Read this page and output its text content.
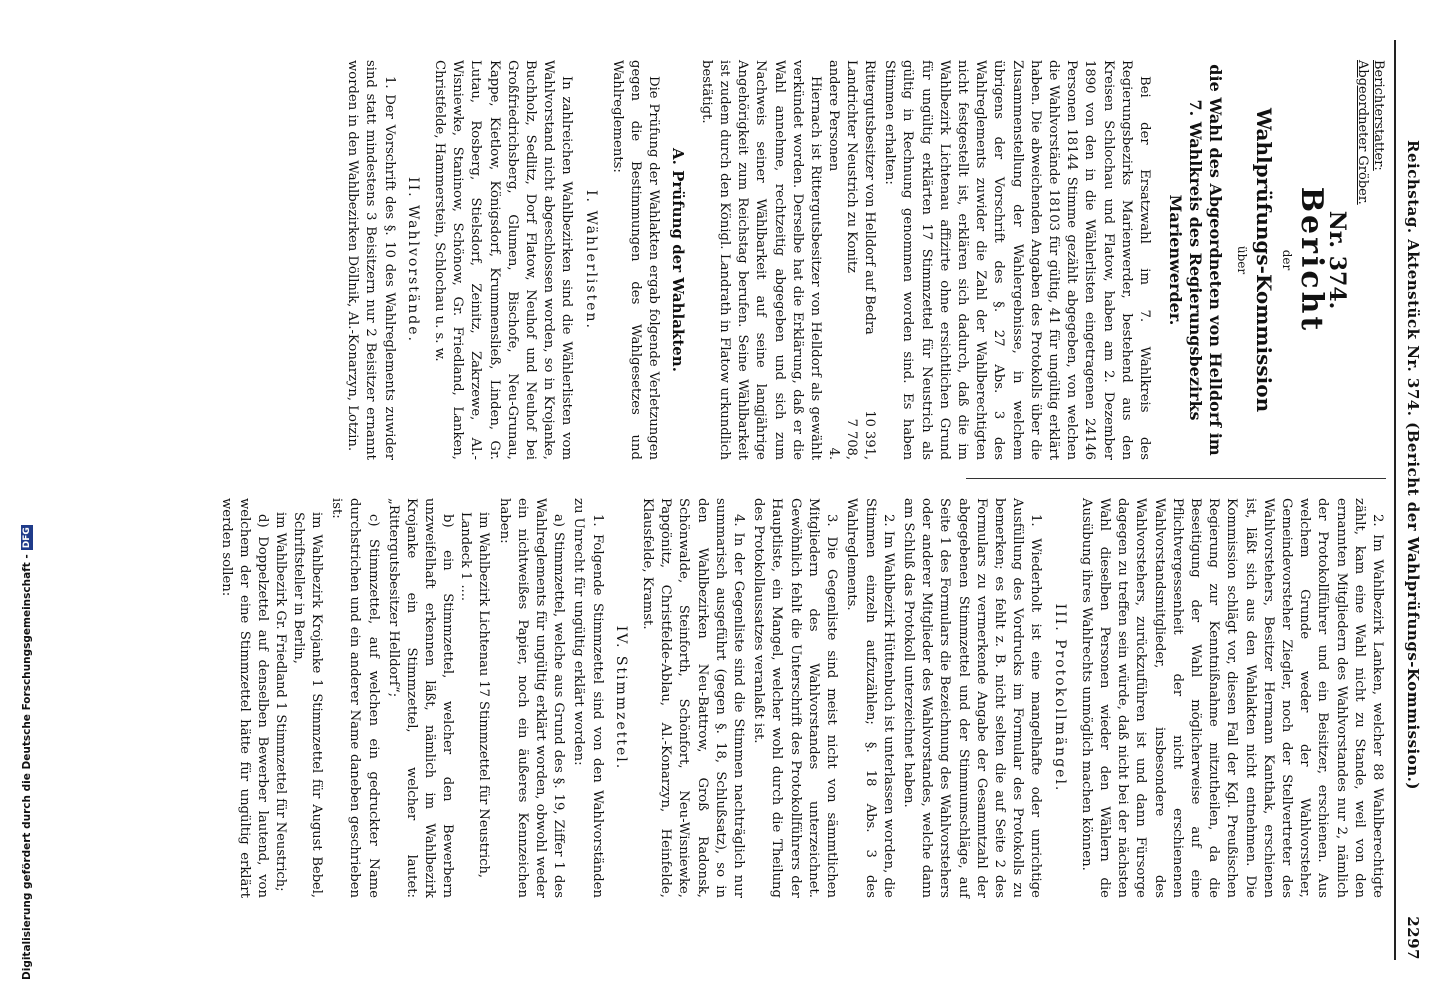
Reichstag. Aktenstück Nr. 374. (Bericht der Wahlprüfungs-Kommission.)
2297
Berichterstatter:
Abgeordneter Gröber.
Nr. 374.
Bericht
der
Wahlprüfungs-Kommission
über
die Wahl des Abgeordneten von Helldorf im 7. Wahlkreis des Regierungsbezirks Marienwerder.

Bei der Ersatzwahl im 7. Wahlkreis des Regierungsbezirks Marienwerder, bestehend aus den Kreisen Schlochau und Flatow, haben am 2. Dezember 1890 von den in die Wählerlisten eingetragenen 24146 Personen 18144 Stimme gezählt abgegeben, von welchen die Wahlvorstände 18103 für gültig, 41 für ungültig erklärt haben. Die abweichenden Angaben des Protokolls über die Zusammenstellung der Wahlergebnisse, in welchem übrigens der Vorschrift des §. 27 Abs. 3 des Wahlreglements zuwider die Zahl der Wahlberechtigten nicht festgestellt ist, erklären sich dadurch, daß die im Wahlbezirk Lichtenau affizirte ohne ersichtlichen Grund für ungültig erklärten 17 Stimmzettel für Neustrich als gültig in Rechnung genommen worden sind. Es haben Stimmen erhalten:

Rittergutsbesitzer von Helldorf auf Bedra
10 391,
Landrichter Neustrich zu Konitz
7 708,
andere Personen
4.

Hiernach ist Rittergutsbesitzer von Helldorf als gewählt verkündet worden. Derselbe hat die Erklärung, daß er die Wahl annehme, rechtzeitig abgegeben und sich zum Nachweis seiner Wählbarkeit auf seine langjährige Angehörigkeit zum Reichstag berufen. Seine Wählbarkeit ist zudem durch den Königl. Landrath in Flatow urkundlich bestätigt.

A. Prüfung der Wahlakten.

Die Prüfung der Wahlakten ergab folgende Verletzungen gegen die Bestimmungen des Wahlgesetzes und Wahlreglements:

I. Wählerlisten.

In zahlreichen Wahlbezirken sind die Wählerlisten vom Wahlvorstand nicht abgeschlossen worden, so in Krojanke, Buchholz, Sedlitz, Dorf Flatow, Neuhof und Neuhof bei Großfriedrichsberg, Glumen, Bischofe, Neu-Grunau, Kappe, Kietlow, Königsdorf, Krummensließ, Linden, Gr. Lutau, Rosberg, Stielsdorf, Zeinitz, Zakrzewe, Al.-Wisniewke, Staninow, Schönow, Gr. Friedland, Lanken, Christfelde, Hammerstein, Schlochau u. s. w.

II. Wahlvorstände.

1. Der Vorschrift des §. 10 des Wahlreglements zuwider sind statt mindestens 3 Beisitzern nur 2 Beisitzer ernannt worden in den Wahlbezirken Döllnik, Al.-Konarzyn, Lotzin.

2. Im Wahlbezirk Lanken, welcher 88 Wahlberechtigte zählt, kam eine Wahl nicht zu Stande, weil von den ernannten Mitgliedern des Wahlvorstandes nur 2, nämlich der Protokollführer und ein Beisitzer, erschienen. Aus welchem Grunde weder der Wahlvorsteher, Gemeindevorsteher Ziegler, noch der Stellvertreter des Wahlvorstehers, Besitzer Hermann Kanthak, erschienen ist, läßt sich aus den Wahlakten nicht entnehmen. Die Kommission schlägt vor, diesen Fall der Kgl. Preußischen Regierung zur Kenntnißnahme mitzutheilen, da die Beseitigung der Wahl möglicherweise auf eine Pflichtvergessenheit der nicht erschienenen Wahlvorstandsmitglieder, insbesondere des Wahlvorstehers, zurückzuführen ist und dann Fürsorge dagegen zu treffen sein würde, daß nicht bei der nächsten Wahl dieselben Personen wieder den Wählern die Ausübung ihres Wahlrechts unmöglich machen können.

III. Protokollmängel.

1. Wiederholt ist eine mangelhafte oder unrichtige Ausfüllung des Vordrucks im Formular des Protokolls zu bemerken; es fehlt z. B. nicht selten die auf Seite 2 des Formulars zu vermerkende Angabe der Gesammtzahl der abgegebenen Stimmzettel und der Stimmumschläge, auf Seite 1 des Formulars die Bezeichnung des Wahlvorstehers oder anderer Mitglieder des Wahlvorstandes, welche dann am Schluß das Protokoll unterzeichnet haben.

2. Im Wahlbezirk Hüttenbuch ist unterlassen worden, die Stimmen einzeln aufzuzählen; §. 18 Abs. 3 des Wahlreglements.

3. Die Gegenliste sind meist nicht von sämmtlichen Mitgliedern des Wahlvorstandes unterzeichnet. Gewöhnlich fehlt die Unterschrift des Protokollführers der Hauptliste, ein Mangel, welcher wohl durch die Theilung des Protokollaussatzes veranlaßt ist.

4. In der Gegenliste sind die Stimmen nachträglich nur summarisch ausgeführt (gegen §. 18, Schlußsatz), so in den Wahlbezirken Neu-Battrow, Groß Radonsk, Schönwalde, Steinforth, Schönfort, Neu-Wisniewke, Papgönitz, Christfelde-Ablau, Al.-Konarzyn, Heinfelde, Klausfelde, Kramst.

IV. Stimmzettel.

1. Folgende Stimmzettel sind von den Wahlvorständen zu Unrecht für ungültig erklärt worden:

a) Stimmzettel, welche aus Grund des §. 19, Ziffer 1 des Wahlreglements für ungültig erklärt worden, obwohl weder ein nichtweißes Papier, noch ein äußeres Kennzeichen haben:

im Wahlbezirk Lichtenau 17 Stimmzettel für Neustrich,
Landeck 1 ....

b) ein Stimmzettel, welcher den Bewerbern unzweifelhaft erkennen läßt, nämlich im Wahlbezirk Krojanke ein Stimmzettel, welcher lautet: „Rittergutsbesitzer Helldorf“;

c) Stimmzettel, auf welchen ein gedruckter Name durchstrichen und ein anderer Name daneben geschrieben ist:

im Wahlbezirk Krojanke 1 Stimmzettel für August Bebel, Schriftsteller in Berlin,
im Wahlbezirk Gr. Friedland 1 Stimmzettel für Neustrich;

d) Doppelzettel auf denselben Bewerber lautend, von welchem der eine Stimmzettel hätte für ungültig erklärt werden sollen:

Digitalisierung gefördert durch die Deutsche Forschungsgemeinschaft -
DFG
